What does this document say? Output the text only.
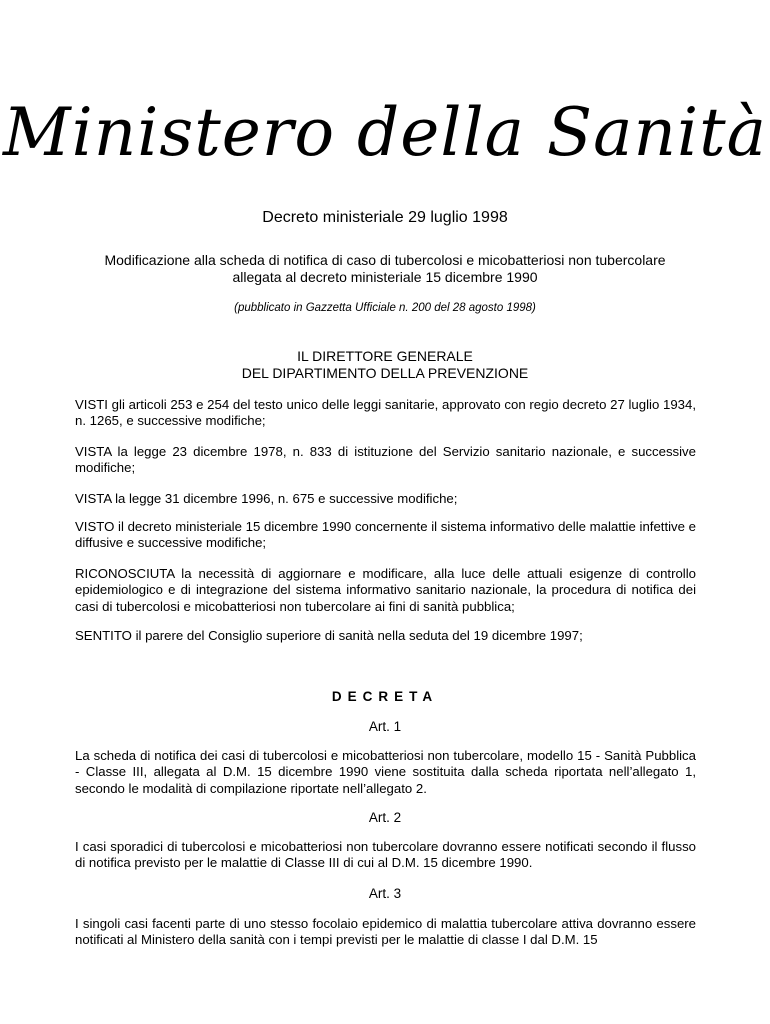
Ministero della Sanità
Decreto ministeriale 29 luglio 1998
Modificazione alla scheda di notifica di caso di tubercolosi e micobatteriosi non tubercolare
allegata al decreto ministeriale 15 dicembre 1990
(pubblicato in Gazzetta Ufficiale n. 200 del 28 agosto 1998)
IL DIRETTORE GENERALE
DEL DIPARTIMENTO DELLA PREVENZIONE

VISTI gli articoli 253 e 254 del testo unico delle leggi sanitarie, approvato con regio decreto 27 luglio 1934, n. 1265, e successive modifiche;

VISTA la legge 23 dicembre 1978, n. 833 di istituzione del Servizio sanitario nazionale, e successive modifiche;

VISTA la legge 31 dicembre 1996, n. 675 e successive modifiche;

VISTO il decreto ministeriale 15 dicembre 1990 concernente il sistema informativo delle malattie infettive e diffusive e successive modifiche;

RICONOSCIUTA la necessità di aggiornare e modificare, alla luce delle attuali esigenze di controllo epidemiologico e di integrazione del sistema informativo sanitario nazionale, la procedura di notifica dei casi di tubercolosi e micobatteriosi non tubercolare ai fini di sanità pubblica;

SENTITO il parere del Consiglio superiore di sanità nella seduta del 19 dicembre 1997;

DECRETA
Art. 1

La scheda di notifica dei casi di tubercolosi e micobatteriosi non tubercolare, modello 15 - Sanità Pubblica - Classe III, allegata al D.M. 15 dicembre 1990 viene sostituita dalla scheda riportata nell’allegato 1, secondo le modalità di compilazione riportate nell’allegato 2.

Art. 2

I casi sporadici di tubercolosi e micobatteriosi non tubercolare dovranno essere notificati secondo il flusso di notifica previsto per le malattie di Classe III di cui al D.M. 15 dicembre 1990.

Art. 3

I singoli casi facenti parte di uno stesso focolaio epidemico di malattia tubercolare attiva dovranno essere notificati al Ministero della sanità con i tempi previsti per le malattie di classe I dal D.M. 15
